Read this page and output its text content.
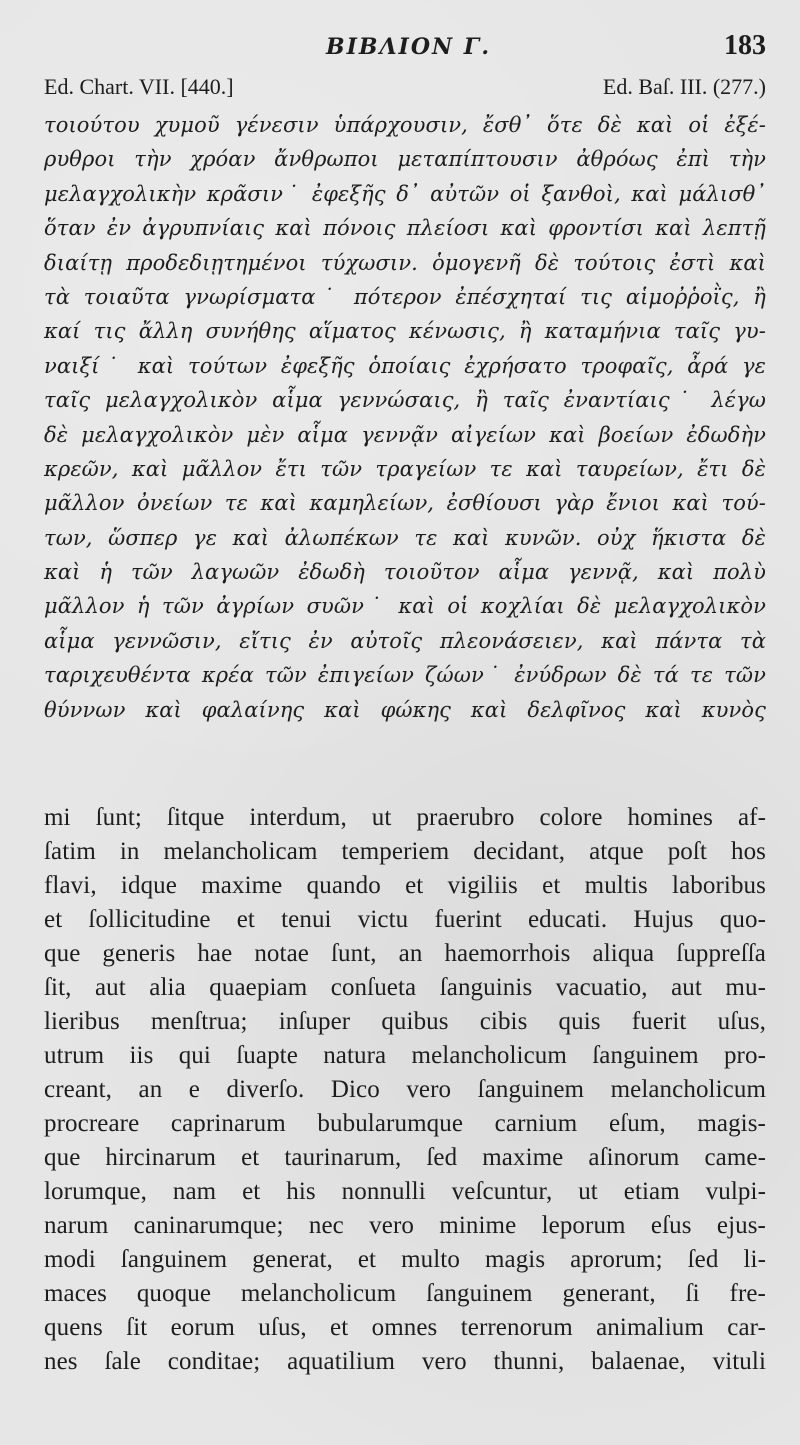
ΒΙΒΛΙΟΝ Γ.	183
Ed. Chart. VII. [440.]	Ed. Baſ. III. (277.)
τοιούτου χυμοῦ γένεσιν ὑπάρχουσιν, ἔσθ᾽ ὅτε δὲ καὶ οἱ ἐξέ-
ρυθροι τὴν χρόαν ἄνθρωποι μεταπίπτουσιν ἀθρόως ἐπὶ τὴν
μελαγχολικὴν κρᾶσιν˙ ἐφεξῆς δ᾽ αὐτῶν οἱ ξανθοὶ, καὶ μάλισθ᾽
ὅταν ἐν ἀγρυπνίαις καὶ πόνοις πλείοσι καὶ φροντίσι καὶ λεπτῇ
διαίτῃ προδεδιῃτημένοι τύχωσιν. ὁμογενῆ δὲ τούτοις ἐστὶ καὶ
τὰ τοιαῦτα γνωρίσματα˙ πότερον ἐπέσχηταί τις αἱμοῤῥοῒς, ἢ
καί τις ἄλλη συνήθης αἵματος κένωσις, ἢ καταμήνια ταῖς γυ-
ναιξί˙ καὶ τούτων ἐφεξῆς ὁποίαις ἐχρήσατο τροφαῖς, ἆρά γε
ταῖς μελαγχολικὸν αἷμα γεννώσαις, ἢ ταῖς ἐναντίαις˙ λέγω
δὲ μελαγχολικὸν μὲν αἷμα γεννᾷν αἰγείων καὶ βοείων ἐδωδὴν
κρεῶν, καὶ μᾶλλον ἔτι τῶν τραγείων τε καὶ ταυρείων, ἔτι δὲ
μᾶλλον ὀνείων τε καὶ καμηλείων, ἐσθίουσι γὰρ ἔνιοι καὶ τού-
των, ὥσπερ γε καὶ ἀλωπέκων τε καὶ κυνῶν. οὐχ ἥκιστα δὲ
καὶ ἡ τῶν λαγωῶν ἐδωδὴ τοιοῦτον αἷμα γεννᾷ, καὶ πολὺ
μᾶλλον ἡ τῶν ἀγρίων συῶν˙ καὶ οἱ κοχλίαι δὲ μελαγχολικὸν
αἷμα γεννῶσιν, εἴτις ἐν αὐτοῖς πλεονάσειεν, καὶ πάντα τὰ
ταριχευθέντα κρέα τῶν ἐπιγείων ζώων˙ ἐνύδρων δὲ τά τε τῶν
θύννων καὶ φαλαίνης καὶ φώκης καὶ δελφῖνος καὶ κυνὸς
mi ſunt; ſitque interdum, ut praerubro colore homines af-
ſatim in melancholicam temperiem decidant, atque poſt hos
flavi, idque maxime quando et vigiliis et multis laboribus
et ſollicitudine et tenui victu fuerint educati. Hujus quo-
que generis hae notae ſunt, an haemorrhois aliqua ſuppreſſa
ſit, aut alia quaepiam conſueta ſanguinis vacuatio, aut mu-
lieribus menſtrua; inſuper quibus cibis quis fuerit uſus,
utrum iis qui ſuapte natura melancholicum ſanguinem pro-
creant, an e diverſo. Dico vero ſanguinem melancholicum
procreare caprinarum bubularumque carnium eſum, magis-
que hircinarum et taurinarum, ſed maxime aſinorum came-
lorumque, nam et his nonnulli veſcuntur, ut etiam vulpi-
narum caninarumque; nec vero minime leporum eſus ejus-
modi ſanguinem generat, et multo magis aprorum; ſed li-
maces quoque melancholicum ſanguinem generant, ſi fre-
quens ſit eorum uſus, et omnes terrenorum animalium car-
nes ſale conditae; aquatilium vero thunni, balaenae, vituli
